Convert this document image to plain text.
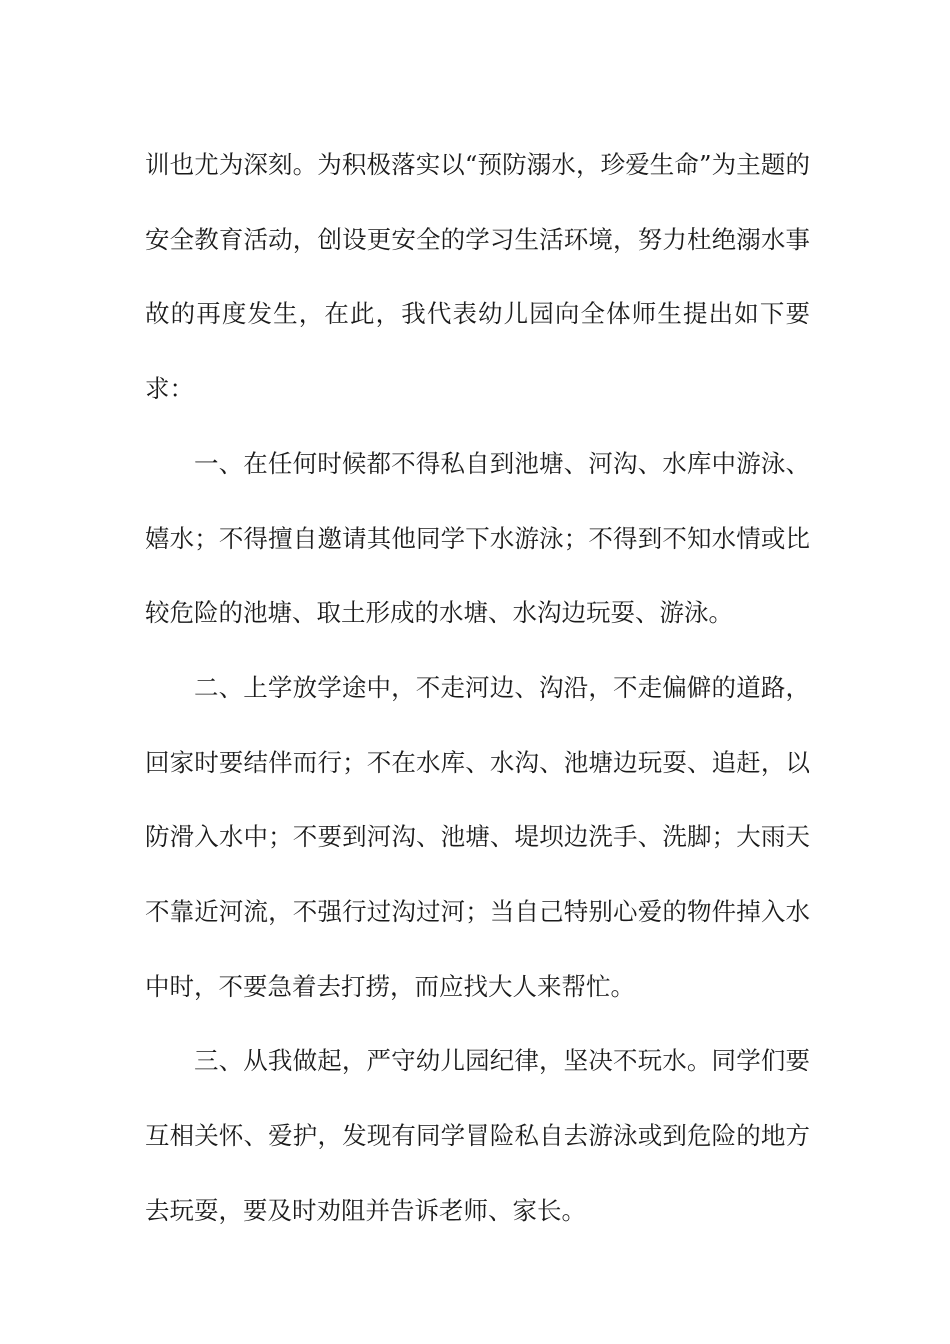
训也尤为深刻。为积极落实以“预防溺水，珍爱生命”为主题的安全教育活动，创设更安全的学习生活环境，努力杜绝溺水事故的再度发生，在此，我代表幼儿园向全体师生提出如下要求：

一、在任何时候都不得私自到池塘、河沟、水库中游泳、嬉水；不得擅自邀请其他同学下水游泳；不得到不知水情或比较危险的池塘、取土形成的水塘、水沟边玩耍、游泳。

二、上学放学途中，不走河边、沟沿，不走偏僻的道路，回家时要结伴而行；不在水库、水沟、池塘边玩耍、追赶，以防滑入水中；不要到河沟、池塘、堤坝边洗手、洗脚；大雨天不靠近河流，不强行过沟过河；当自己特别心爱的物件掉入水中时，不要急着去打捞，而应找大人来帮忙。

三、从我做起，严守幼儿园纪律，坚决不玩水。同学们要互相关怀、爱护，发现有同学冒险私自去游泳或到危险的地方去玩耍，要及时劝阻并告诉老师、家长。
